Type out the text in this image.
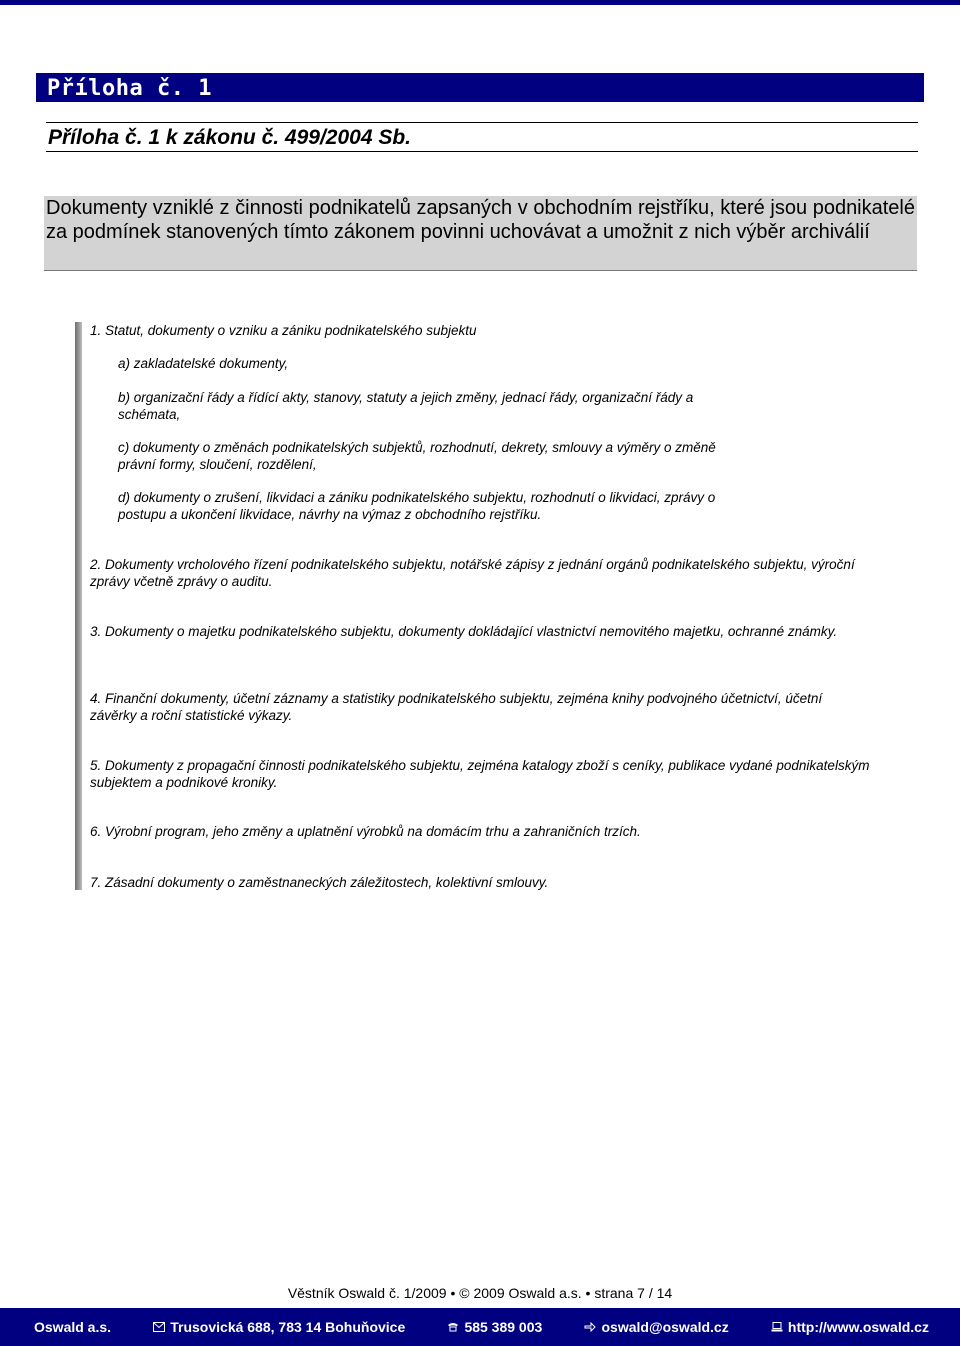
Příloha č. 1
Příloha č. 1 k zákonu č. 499/2004 Sb.
Dokumenty vzniklé z činnosti podnikatelů zapsaných v obchodním rejstříku, které jsou podnikatelé za podmínek stanovených tímto zákonem povinni uchovávat a umožnit z nich výběr archiválií

1. Statut, dokumenty o vzniku a zániku podnikatelského subjektu

a) zakladatelské dokumenty,

b) organizační řády a řídící akty, stanovy, statuty a jejich změny, jednací řády, organizační řády a schémata,

c) dokumenty o změnách podnikatelských subjektů, rozhodnutí, dekrety, smlouvy a výměry o změně právní formy, sloučení, rozdělení,

d) dokumenty o zrušení, likvidaci a zániku podnikatelského subjektu, rozhodnutí o likvidaci, zprávy o postupu a ukončení likvidace, návrhy na výmaz z obchodního rejstříku.

2. Dokumenty vrcholového řízení podnikatelského subjektu, notářské zápisy z jednání orgánů podnikatelského subjektu, výroční zprávy včetně zprávy o auditu.

3. Dokumenty o majetku podnikatelského subjektu, dokumenty dokládající vlastnictví nemovitého majetku, ochranné známky.

4. Finanční dokumenty, účetní záznamy a statistiky podnikatelského subjektu, zejména knihy podvojného účetnictví, účetní závěrky a roční statistické výkazy.

5. Dokumenty z propagační činnosti podnikatelského subjektu, zejména katalogy zboží s ceníky, publikace vydané podnikatelským subjektem a podnikové kroniky.

6. Výrobní program, jeho změny a uplatnění výrobků na domácím trhu a zahraničních trzích.

7. Zásadní dokumenty o zaměstnaneckých záležitostech, kolektivní smlouvy.

Věstník Oswald č. 1/2009 • © 2009 Oswald a.s. • strana 7 / 14
Oswald a.s.	Trusovická 688, 783 14 Bohuňovice	585 389 003	oswald@oswald.cz	http://www.oswald.cz
